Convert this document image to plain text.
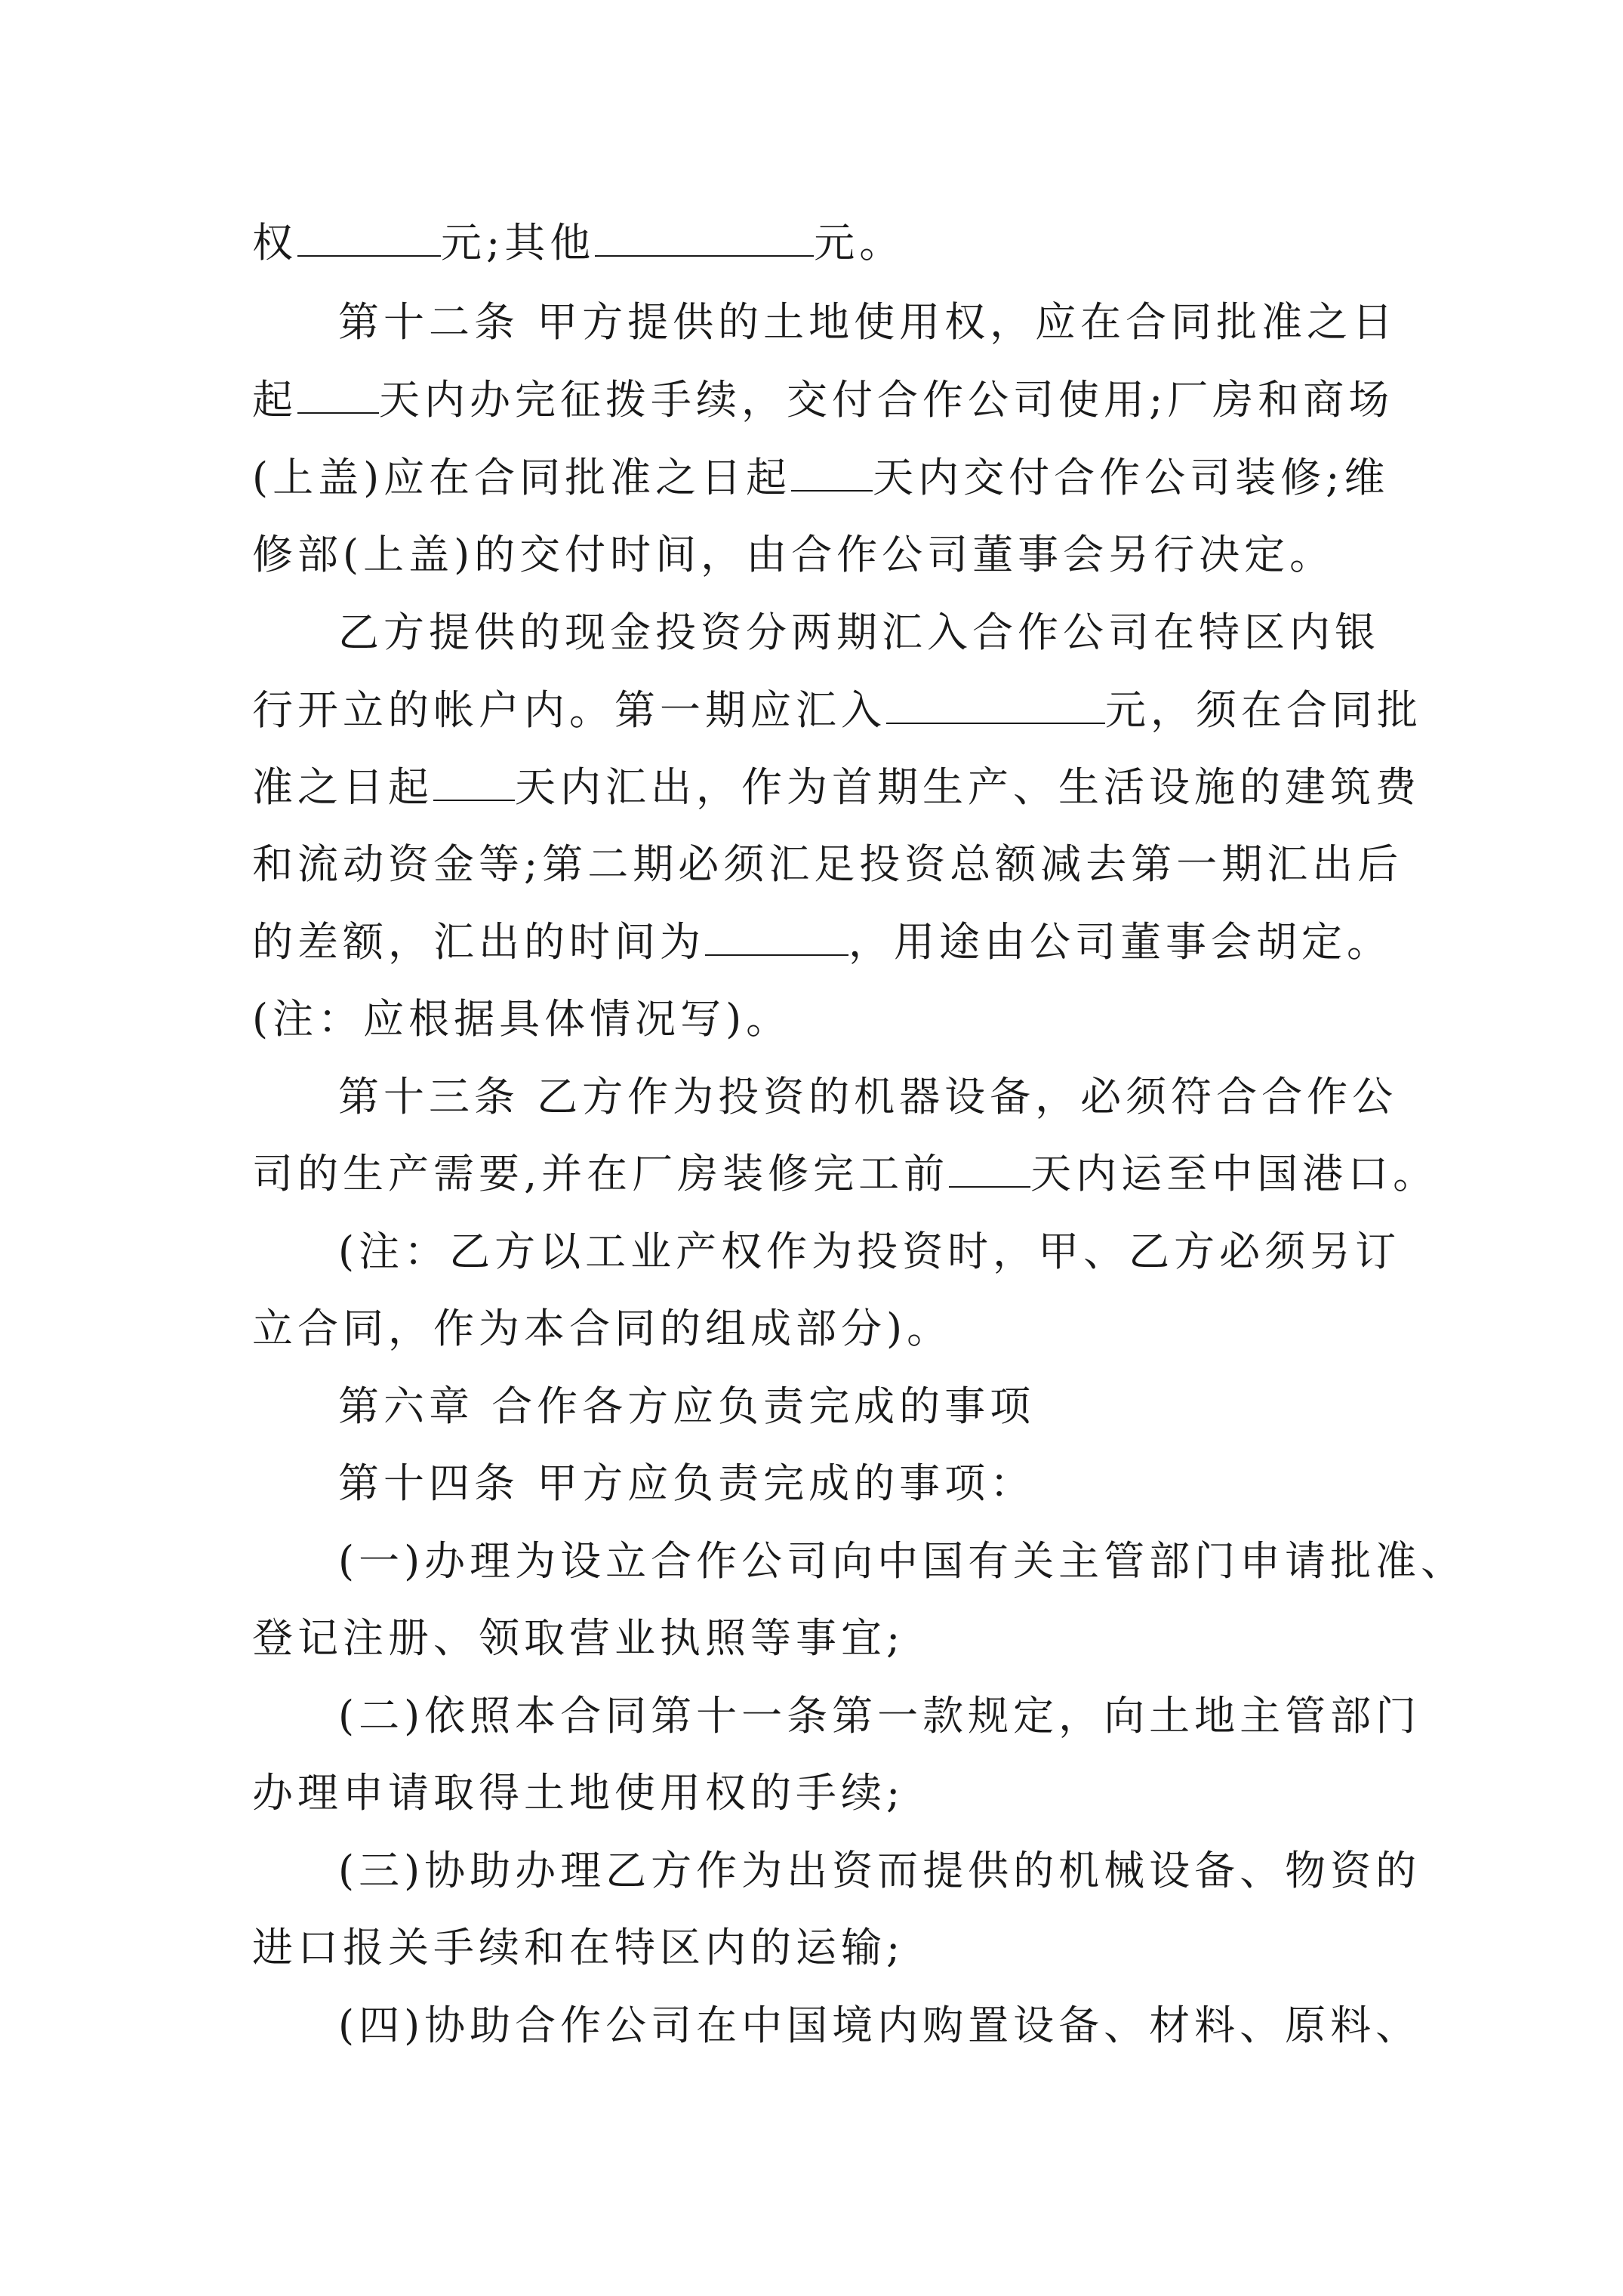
权	元;其他	元。
第十二条 甲方提供的土地使用权，应在合同批准之日
起 天内办完征拨手续，交付合作公司使用;厂房和商场
(上盖)应在合同批准之日起 天内交付合作公司装修;维
修部(上盖)的交付时间，由合作公司董事会另行决定。
乙方提供的现金投资分两期汇入合作公司在特区内银
行开立的帐户内。第一期应汇入	元，须在合同批
准之日起 天内汇出，作为首期生产、生活设施的建筑费
和流动资金等;第二期必须汇足投资总额减去第一期汇出后
的差额，汇出的时间为	，用途由公司董事会胡定。
(注：应根据具体情况写)。
第十三条 乙方作为投资的机器设备，必须符合合作公
司的生产需要,并在厂房装修完工前 天内运至中国港口。
(注：乙方以工业产权作为投资时，甲、乙方必须另订
立合同，作为本合同的组成部分)。
第六章 合作各方应负责完成的事项
第十四条 甲方应负责完成的事项：
(一)办理为设立合作公司向中国有关主管部门申请批准、
登记注册、领取营业执照等事宜;
(二)依照本合同第十一条第一款规定，向土地主管部门
办理申请取得土地使用权的手续;
(三)协助办理乙方作为出资而提供的机械设备、物资的
进口报关手续和在特区内的运输;
(四)协助合作公司在中国境内购置设备、材料、原料、
